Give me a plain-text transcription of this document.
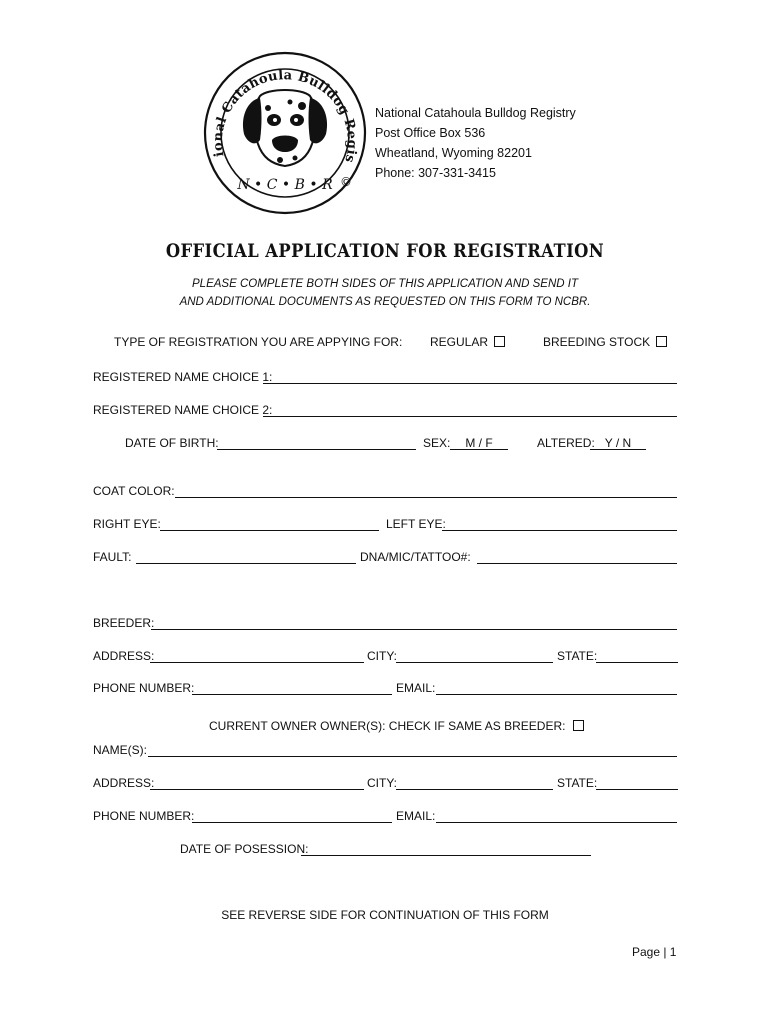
ional Catahoula Bulldog Regis
N • C • B • R ©
National Catahoula Bulldog Registry
Post Office Box 536
Wheatland, Wyoming 82201
Phone: 307-331-3415
OFFICIAL APPLICATION FOR REGISTRATION
PLEASE COMPLETE BOTH SIDES OF THIS APPLICATION AND SEND IT
AND ADDITIONAL DOCUMENTS AS REQUESTED ON THIS FORM TO NCBR.
TYPE OF REGISTRATION YOU ARE APPYING FOR: REGULAR	BREEDING STOCK
REGISTERED NAME CHOICE 1:
REGISTERED NAME CHOICE 2:
DATE OF BIRTH:	SEX:	M / F	ALTERED: Y / N
COAT COLOR:
RIGHT EYE:	LEFT EYE:
FAULT:	DNA/MIC/TATTOO#:
BREEDER:
ADDRESS:	CITY:	STATE:
PHONE NUMBER:	EMAIL:
CURRENT OWNER OWNER(S): CHECK IF SAME AS BREEDER:
NAME(S):
ADDRESS:	CITY:	STATE:
PHONE NUMBER:	EMAIL:
DATE OF POSESSION:
SEE REVERSE SIDE FOR CONTINUATION OF THIS FORM
Page | 1
